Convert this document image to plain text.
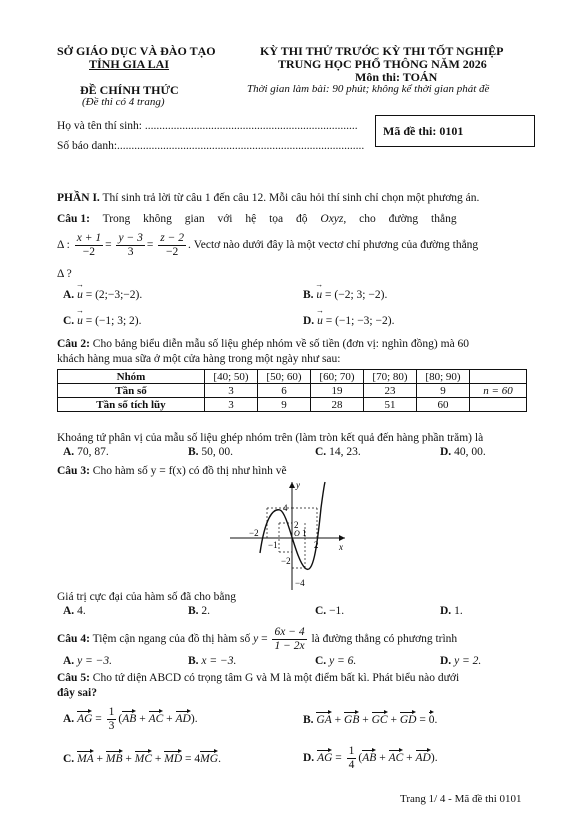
SỞ GIÁO DỤC VÀ ĐÀO TẠO
TỈNH GIA LAI
ĐỀ CHÍNH THỨC
(Đề thi có 4 trang)
KỲ THI THỬ TRƯỚC KỲ THI TỐT NGHIỆP
TRUNG HỌC PHỔ THÔNG NĂM 2026
Môn thi: TOÁN
Thời gian làm bài: 90 phút; không kể thời gian phát đề
Họ và tên thí sinh: ..........................................................................
Số báo danh:......................................................................................
Mã đề thi: 0101
PHẦN I. Thí sinh trả lời từ câu 1 đến câu 12. Mỗi câu hỏi thí sinh chỉ chọn một phương án.
Câu 1: Trong không gian với hệ tọa độ Oxyz, cho đường thẳng
Δ : $\frac{x + 1}{-2} = \frac{y - 3}{3} = \frac{z - 2}{-2}$ . Vectơ nào dưới đây là một vectơ chỉ phương của đường thẳng
Δ ?
A. → u = (2;−3;−2).	B. → u = (−2; 3; −2).
C. → u = (−1; 3; 2).	D. → u = (−1; −3; −2).
Câu 2: Cho bảng biểu diễn mẫu số liệu ghép nhóm về số tiền (đơn vị: nghìn đồng) mà 60
khách hàng mua sữa ở một cửa hàng trong một ngày như sau:
Nhóm	[40; 50)	[50; 60)	[60; 70)	[70; 80)	[80; 90)	
Tần số	3	6	19	23	9	n = 60
Tần số tích lũy	3	9	28	51	60	
Khoảng tứ phân vị của mẫu số liệu ghép nhóm trên (làm tròn kết quả đến hàng phần trăm) là
A. 70, 87.	B. 50, 00.	C. 14, 23.	D. 40, 00.
Câu 3: Cho hàm số y = f(x) có đồ thị như hình vẽ
y
x
4
2
−2	O 1
−1	2
−2
−4
Giá trị cực đại của hàm số đã cho bằng
A. 4.	B. 2.	C. −1.	D. 1.
Câu 4: Tiệm cận ngang của đồ thị hàm số $y = \frac{6x - 4}{1 - 2x}$ là đường thẳng có phương trình
A. y = −3.	B. x = −3.	C. y = 6.	D. y = 2.
Câu 5: Cho tứ diện ABCD có trọng tâm G và M là một điểm bất kì. Phát biểu nào dưới
đây sai?
A. AG = $\frac{1}{3} (AB$ + AC + AD).	B. GA + GB + GC + GD = 0.
C. MA + MB + MC + MD = 4MG.	D. AG = $\frac{1}{4} (AB$ + AC + AD).
Trang 1/ 4 - Mã đề thi 0101
